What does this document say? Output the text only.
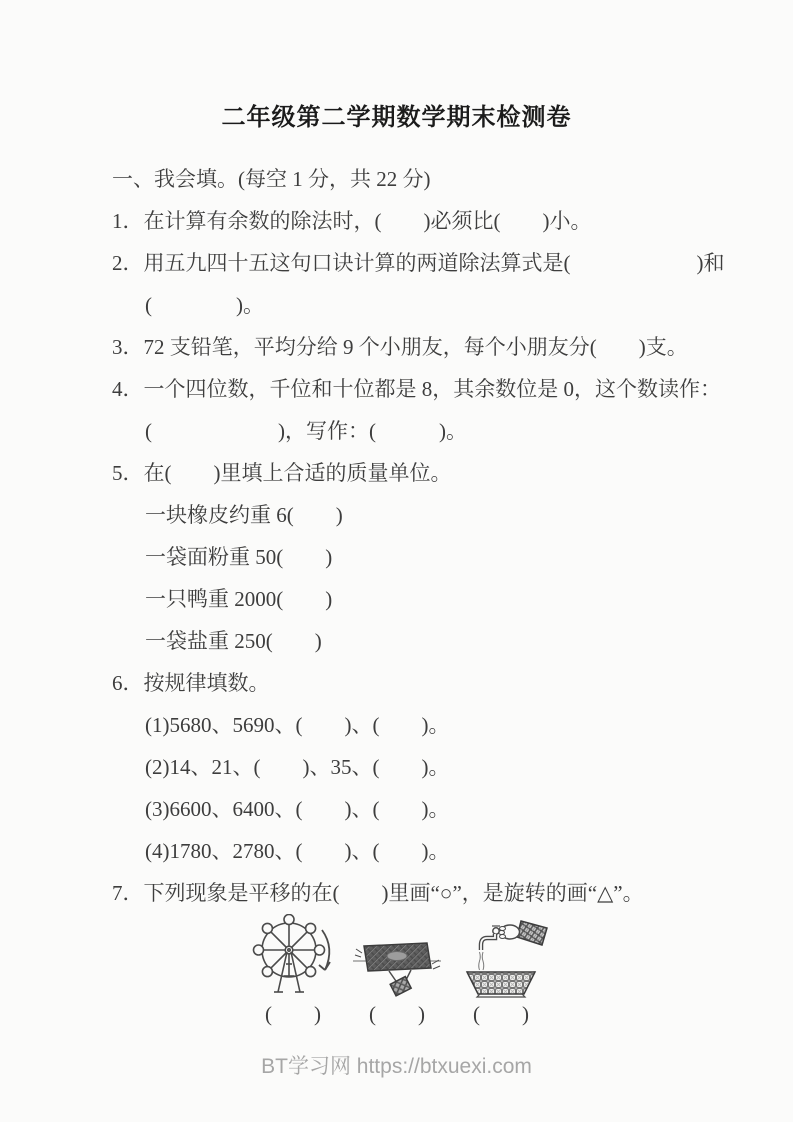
二年级第二学期数学期末检测卷
一、我会填。(每空 1 分，共 22 分)
1．在计算有余数的除法时，(　　)必须比(　　)小。
2．用五九四十五这句口诀计算的两道除法算式是(　　　　　　)和
(　　　　)。
3．72 支铅笔，平均分给 9 个小朋友，每个小朋友分(　　)支。
4．一个四位数，千位和十位都是 8，其余数位是 0，这个数读作：
(　　　　　　)，写作：(　　　)。
5．在(　　)里填上合适的质量单位。
一块橡皮约重 6(　　)
一袋面粉重 50(　　)
一只鸭重 2000(　　)
一袋盐重 250(　　)
6．按规律填数。
(1)5680、5690、(　　)、(　　)。
(2)14、21、(　　)、35、(　　)。
(3)6600、6400、(　　)、(　　)。
(4)1780、2780、(　　)、(　　)。
7．下列现象是平移的在(　　)里画“○”，是旋转的画“△”。
(　　) (　　) (　　)
BT学习网 https://btxuexi.com
